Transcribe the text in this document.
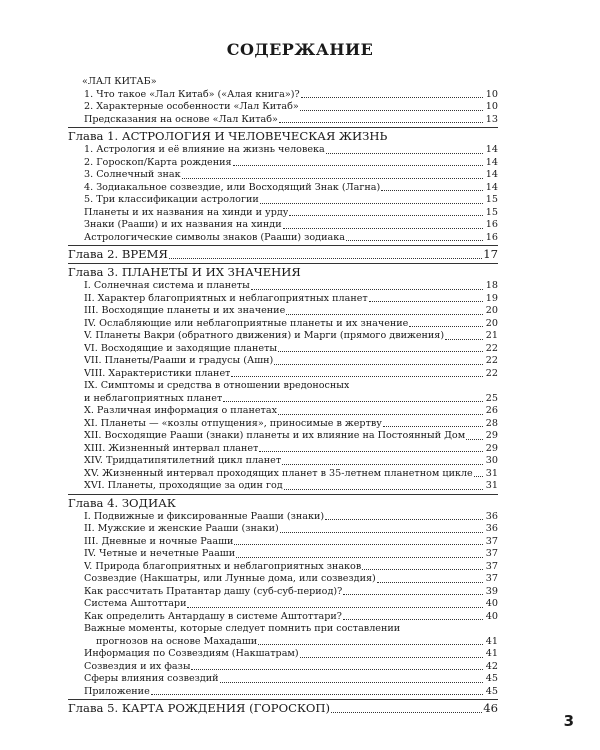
СОДЕРЖАНИЕ
«ЛАЛ КИТАБ»
1. Что такое «Лал Китаб» («Алая книга»)?	10
2. Характерные особенности «Лал Китаб»	10
Предсказания на основе «Лал Китаб»	13
Глава 1. АСТРОЛОГИЯ И ЧЕЛОВЕЧЕСКАЯ ЖИЗНЬ
1. Астрология и её влияние на жизнь человека	14
2. Гороскоп/Карта рождения	14
3. Солнечный знак	14
4. Зодиакальное созвездие, или Восходящий Знак (Лагна)	14
5. Три классификации астрологии	15
Планеты и их названия на хинди и урду	15
Знаки (Рааши) и их названия на хинди	16
Астрологические символы знаков (Рааши) зодиака	16
Глава 2. ВРЕМЯ	17
Глава 3. ПЛАНЕТЫ И ИХ ЗНАЧЕНИЯ
I. Солнечная система и планеты	18
II. Характер благоприятных и неблагоприятных планет	19
III. Восходящие планеты и их значение	20
IV. Ослабляющие или неблагоприятные планеты и их значение	20
V. Планеты Вакри (обратного движения) и Марги (прямого движения)	21
VI. Восходящие и заходящие планеты	22
VII. Планеты/Рааши и градусы (Ашн)	22
VIII. Характеристики планет	22
IX. Симптомы и средства в отношении вредоносных
и неблагоприятных планет	25
X. Различная информация о планетах	26
XI. Планеты — «козлы отпущения», приносимые в жертву	28
XII. Восходящие Рааши (знаки) планеты и их влияние на Постоянный Дом 29
XIII. Жизненный интервал планет	29
XIV. Тридцатипятилетний цикл планет	30
XV. Жизненный интервал проходящих планет в 35-летнем планетном цикле 31
XVI. Планеты, проходящие за один год	31
Глава 4. ЗОДИАК
I. Подвижные и фиксированные Рааши (знаки)	36
II. Мужские и женские Рааши (знаки)	36
III. Дневные и ночные Рааши	37
IV. Четные и нечетные Рааши	37
V. Природа благоприятных и неблагоприятных знаков	37
Созвездие (Накшатры, или Лунные дома, или созвездия)	37
Как рассчитать Пратантар дашу (суб-суб-период)?	39
Система Аштоттари	40
Как определить Антардашу в системе Аштоттари?	40
Важные моменты, которые следует помнить при составлении
прогнозов на основе Махадаши	41
Информация по Созвездиям (Накшатрам)	41
Созвездия и их фазы	42
Сферы влияния созвездий	45
Приложение	45
Глава 5. КАРТА РОЖДЕНИЯ (ГОРОСКОП)	46
3
